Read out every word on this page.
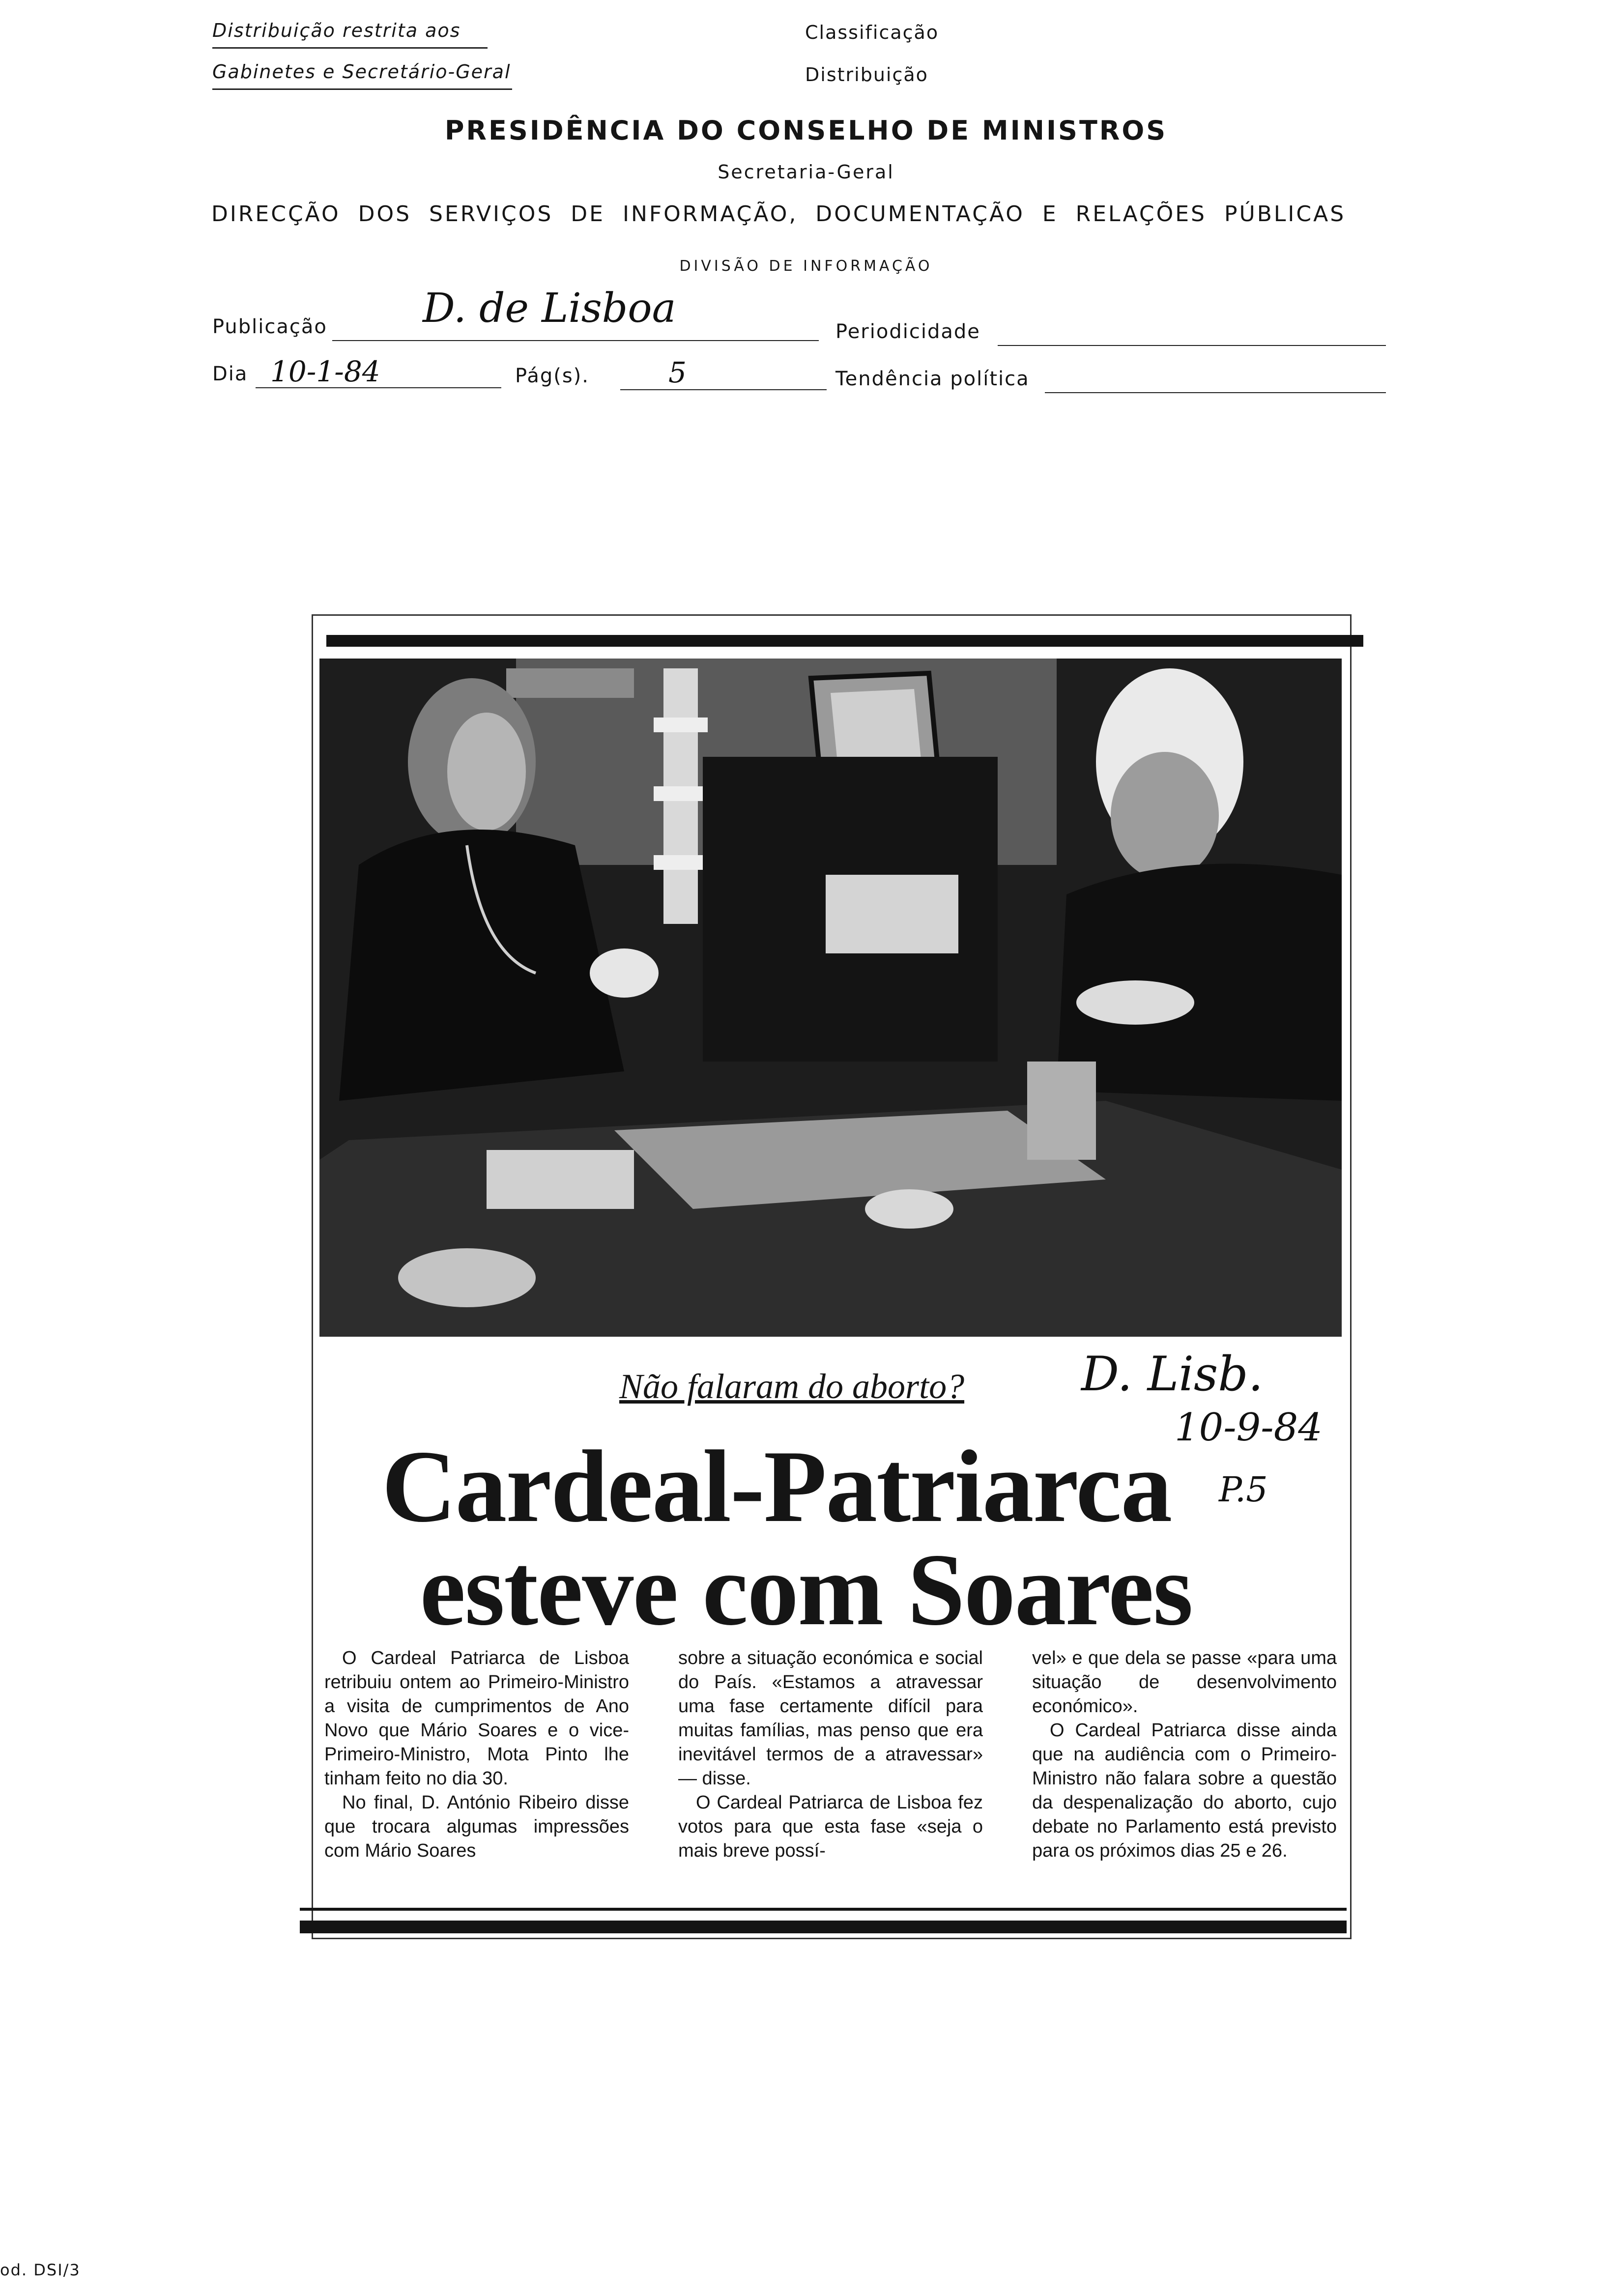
Distribuição restrita aos
Gabinetes e Secretário-Geral
Classificação
Distribuição
PRESIDÊNCIA DO CONSELHO DE MINISTROS
Secretaria-Geral
DIRECÇÃO DOS SERVIÇOS DE INFORMAÇÃO, DOCUMENTAÇÃO E RELAÇÕES PÚBLICAS
DIVISÃO DE INFORMAÇÃO
Publicação D. de Lisboa	Periodicidade
Dia 10-1-84	Pág(s).	5	Tendência política
Não falaram do aborto? D. Lisb.
10-9-84
P.5
Cardeal-Patriarca
esteve com Soares

O Cardeal Patriarca de Lisboa retribuiu ontem ao Primeiro-Ministro a visita de cumprimentos de Ano Novo que Mário Soares e o vice-Primeiro-Ministro, Mota Pinto lhe tinham feito no dia 30.

No final, D. António Ribeiro disse que trocara algumas impressões com Mário Soares

sobre a situação económica e social do País. «Estamos a atravessar uma fase certamente difícil para muitas famílias, mas penso que era inevitável termos de a atravessar» — disse.

O Cardeal Patriarca de Lisboa fez votos para que esta fase «seja o mais breve possí-

vel» e que dela se passe «para uma situação de desenvolvimento económico».

O Cardeal Patriarca disse ainda que na audiência com o Primeiro-Ministro não falara sobre a questão da despenalização do aborto, cujo debate no Parlamento está previsto para os próximos dias 25 e 26.

od. DSI/3
